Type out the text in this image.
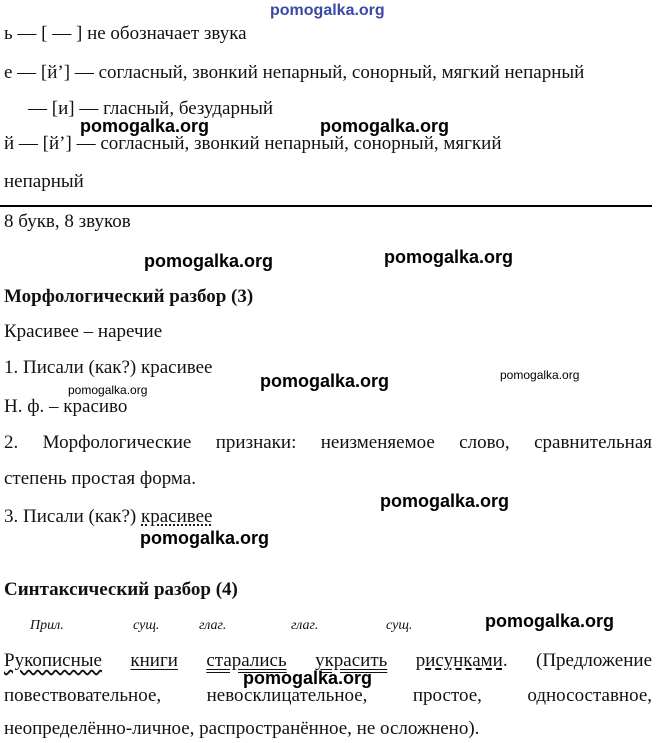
pomogalka.org
ь — [ — ] не обозначает звука
е — [й’] — согласный, звонкий непарный, сонорный, мягкий непарный
— [и] — гласный, безударный
pomogalka.org	pomogalka.org
й — [й’] — согласный, звонкий непарный, сонорный, мягкий
непарный
8 букв, 8 звуков
pomogalka.org	pomogalka.org
Морфологический разбор (3)
Красивее – наречие
1. Писали (как?) красивее
pomogalka.org	pomogalka.org	pomogalka.org
Н. ф. – красиво
2. Морфологические признаки: неизменяемое слово, сравнительная
степень простая форма.
pomogalka.org
3. Писали (как?) красивее
pomogalka.org
Синтаксический разбор (4)
Прил.	сущ.	глаг.	глаг.	сущ.	pomogalka.org
Рукописные книги старались украсить рисунками. (Предложение
pomogalka.org
повествовательное, невосклицательное, простое, односоставное,
неопределённо-личное, распространённое, не осложнено).
